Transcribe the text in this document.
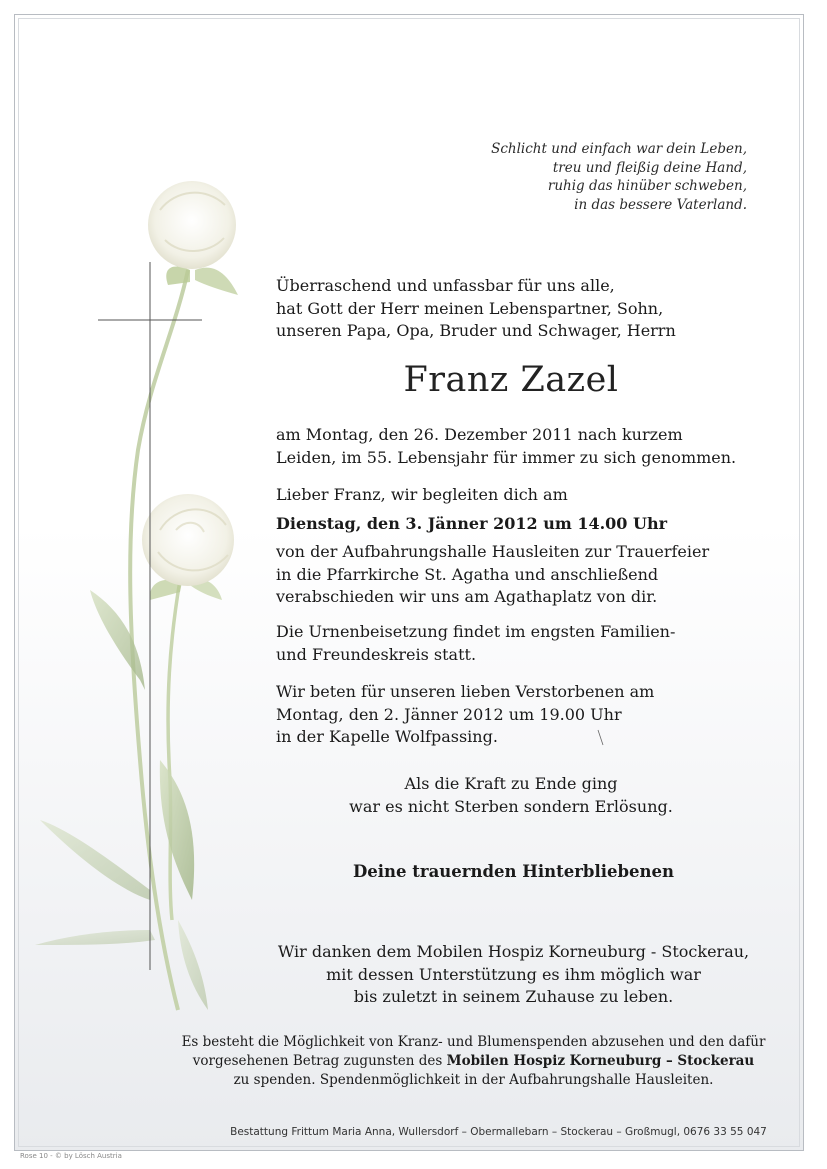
Schlicht und einfach war dein Leben,
treu und fleißig deine Hand,
ruhig das hinüber schweben,
in das bessere Vaterland.
Überraschend und unfassbar für uns alle,
hat Gott der Herr meinen Lebenspartner, Sohn,
unseren Papa, Opa, Bruder und Schwager, Herrn
Franz Zazel
am Montag, den 26. Dezember 2011 nach kurzem
Leiden, im 55. Lebensjahr für immer zu sich genommen.
Lieber Franz, wir begleiten dich am
Dienstag, den 3. Jänner 2012 um 14.00 Uhr
von der Aufbahrungshalle Hausleiten zur Trauerfeier
in die Pfarrkirche St. Agatha und anschließend
verabschieden wir uns am Agathaplatz von dir.
Die Urnenbeisetzung findet im engsten Familien-
und Freundeskreis statt.
Wir beten für unseren lieben Verstorbenen am
Montag, den 2. Jänner 2012 um 19.00 Uhr
in der Kapelle Wolfpassing.
Als die Kraft zu Ende ging
war es nicht Sterben sondern Erlösung.
Deine trauernden Hinterbliebenen
Wir danken dem Mobilen Hospiz Korneuburg - Stockerau,
mit dessen Unterstützung es ihm möglich war
bis zuletzt in seinem Zuhause zu leben.
Es besteht die Möglichkeit von Kranz- und Blumenspenden abzusehen und den dafür
vorgesehenen Betrag zugunsten des Mobilen Hospiz Korneuburg – Stockerau
zu spenden. Spendenmöglichkeit in der Aufbahrungshalle Hausleiten.
Bestattung Frittum Maria Anna, Wullersdorf – Obermallebarn – Stockerau – Großmugl, 0676 33 55 047
Rose 10 - © by Lösch Austria
